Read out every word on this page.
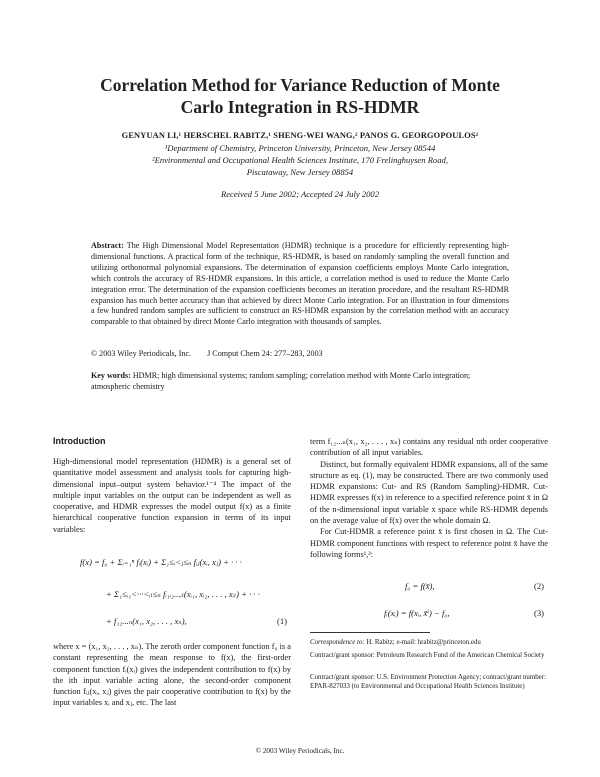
Correlation Method for Variance Reduction of Monte
Carlo Integration in RS-HDMR
GENYUAN LI,¹ HERSCHEL RABITZ,¹ SHENG-WEI WANG,² PANOS G. GEORGOPOULOS²
¹Department of Chemistry, Princeton University, Princeton, New Jersey 08544
²Environmental and Occupational Health Sciences Institute, 170 Frelinghuysen Road,
Piscataway, New Jersey 08854
Received 5 June 2002; Accepted 24 July 2002
Abstract: The High Dimensional Model Representation (HDMR) technique is a procedure for efficiently representing high-dimensional functions. A practical form of the technique, RS-HDMR, is based on randomly sampling the overall function and utilizing orthonormal polynomial expansions. The determination of expansion coefficients employs Monte Carlo integration, which controls the accuracy of RS-HDMR expansions. In this article, a correlation method is used to reduce the Monte Carlo integration error. The determination of the expansion coefficients becomes an iteration procedure, and the resultant RS-HDMR expansion has much better accuracy than that achieved by direct Monte Carlo integration. For an illustration in four dimensions a few hundred random samples are sufficient to construct an RS-HDMR expansion by the correlation method with an accuracy comparable to that obtained by direct Monte Carlo integration with thousands of samples.
© 2003 Wiley Periodicals, Inc. J Comput Chem 24: 277–283, 2003
Key words: HDMR; high dimensional systems; random sampling; correlation method with Monte Carlo integration; atmospheric chemistry
Introduction

High-dimensional model representation (HDMR) is a general set of quantitative model assessment and analysis tools for capturing high-dimensional input–output system behavior.¹⁻⁴ The impact of the multiple input variables on the output can be independent as well as cooperative, and HDMR expresses the model output f(x) as a finite hierarchical cooperative function expansion in terms of its input variables:

f(x) = f₀ + Σᵢ₌₁ⁿ fᵢ(xᵢ) + Σ₁≤ᵢ<ⱼ≤ₙ fᵢⱼ(xᵢ, xⱼ) + · · ·
+ Σ₁≤ᵢ₁<···<ᵢₗ≤ₙ fᵢ₁ᵢ₂...ᵢₗ(xᵢ₁, xᵢ₂, . . . , xᵢₗ) + · · ·
+ f₁₂...ₙ(x₁, x₂, . . . , xₙ),	(1)

where x = (x₁, x₂, . . . , xₙ). The zeroth order component function f₀ is a constant representing the mean response to f(x), the first-order component function fᵢ(xᵢ) gives the independent contribution to f(x) by the ith input variable acting alone, the second-order component function fᵢⱼ(xᵢ, xⱼ) gives the pair cooperative contribution to f(x) by the input variables xᵢ and xⱼ, etc. The last

term f₁₂...ₙ(x₁, x₂, . . . , xₙ) contains any residual nth order cooperative contribution of all input variables.

Distinct, but formally equivalent HDMR expansions, all of the same structure as eq. (1), may be constructed. There are two commonly used HDMR expansions: Cut- and RS (Random Sampling)-HDMR. Cut-HDMR expresses f(x) in reference to a specified reference point x̄ in Ω of the n-dimensional input variable x space while RS-HDMR depends on the average value of f(x) over the whole domain Ω.

For Cut-HDMR a reference point x̄ is first chosen in Ω. The Cut-HDMR component functions with respect to reference point x̄ have the following forms¹,²:

f₀ = f(x̄),	(2)
fᵢ(xᵢ) = f(xᵢ, x̄ⁱ) − f₀,	(3)
Correspondence to: H. Rabitz; e-mail: hrabitz@princeton.edu
Contract/grant sponsor: Petroleum Research Fund of the American Chemical Society
Contract/grant sponsor: U.S. Environment Protection Agency; contract/grant number: EPAR-827033 (to Environmental and Occupational Health Sciences Institute)
© 2003 Wiley Periodicals, Inc.
